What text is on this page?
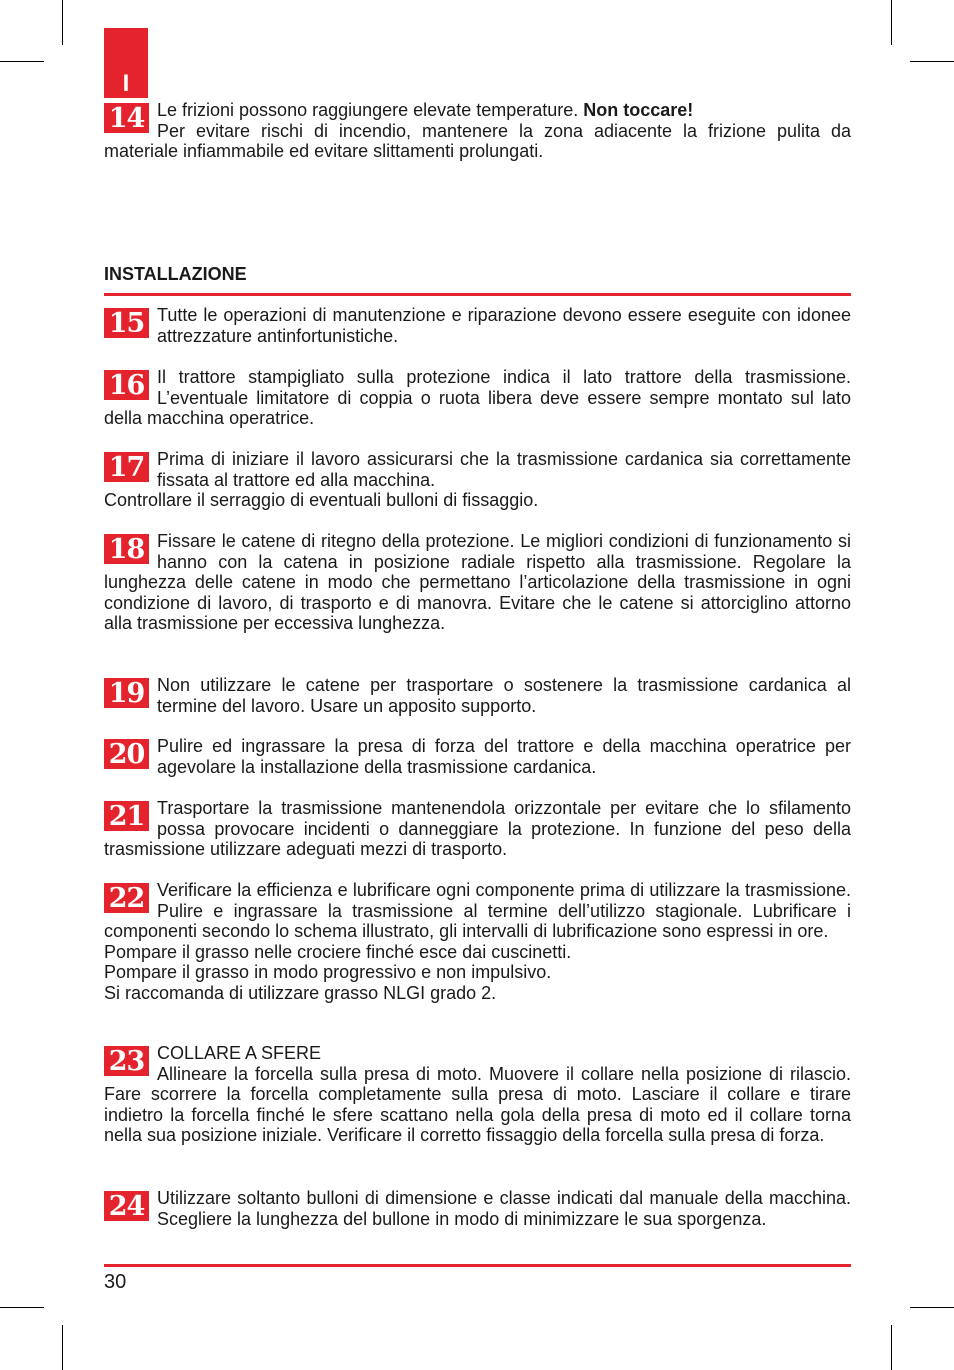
I
14 Le frizioni possono raggiungere elevate temperature. Non toccare!
Per evitare rischi di incendio, mantenere la zona adiacente la frizione pulita da materiale infiammabile ed evitare slittamenti prolungati.
INSTALLAZIONE
15 Tutte le operazioni di manutenzione e riparazione devono essere eseguite con idonee attrezzature antinfortunistiche.
16 Il trattore stampigliato sulla protezione indica il lato trattore della trasmissione. L’eventuale limitatore di coppia o ruota libera deve essere sempre montato sul lato della macchina operatrice.
17 Prima di iniziare il lavoro assicurarsi che la trasmissione cardanica sia correttamente fissata al trattore ed alla macchina.
Controllare il serraggio di eventuali bulloni di fissaggio.
18 Fissare le catene di ritegno della protezione. Le migliori condizioni di funzionamento si hanno con la catena in posizione radiale rispetto alla trasmissione. Regolare la lunghezza delle catene in modo che permettano l’articolazione della trasmissione in ogni condizione di lavoro, di trasporto e di manovra. Evitare che le catene si attorciglino attorno alla trasmissione per eccessiva lunghezza.
19 Non utilizzare le catene per trasportare o sostenere la trasmissione cardanica al termine del lavoro. Usare un apposito supporto.
20 Pulire ed ingrassare la presa di forza del trattore e della macchina operatrice per agevolare la installazione della trasmissione cardanica.
21 Trasportare la trasmissione mantenendola orizzontale per evitare che lo sfilamento possa provocare incidenti o danneggiare la protezione. In funzione del peso della trasmissione utilizzare adeguati mezzi di trasporto.
22 Verificare la efficienza e lubrificare ogni componente prima di utilizzare la trasmissione. Pulire e ingrassare la trasmissione al termine dell’utilizzo stagionale. Lubrificare i componenti secondo lo schema illustrato, gli intervalli di lubrificazione sono espressi in ore.
Pompare il grasso nelle crociere finché esce dai cuscinetti.
Pompare il grasso in modo progressivo e non impulsivo.
Si raccomanda di utilizzare grasso NLGI grado 2.
23 COLLARE A SFERE
Allineare la forcella sulla presa di moto. Muovere il collare nella posizione di rilascio. Fare scorrere la forcella completamente sulla presa di moto. Lasciare il collare e tirare indietro la forcella finché le sfere scattano nella gola della presa di moto ed il collare torna nella sua posizione iniziale. Verificare il corretto fissaggio della forcella sulla presa di forza.
24 Utilizzare soltanto bulloni di dimensione e classe indicati dal manuale della macchina. Scegliere la lunghezza del bullone in modo di minimizzare le sua sporgenza.
30
